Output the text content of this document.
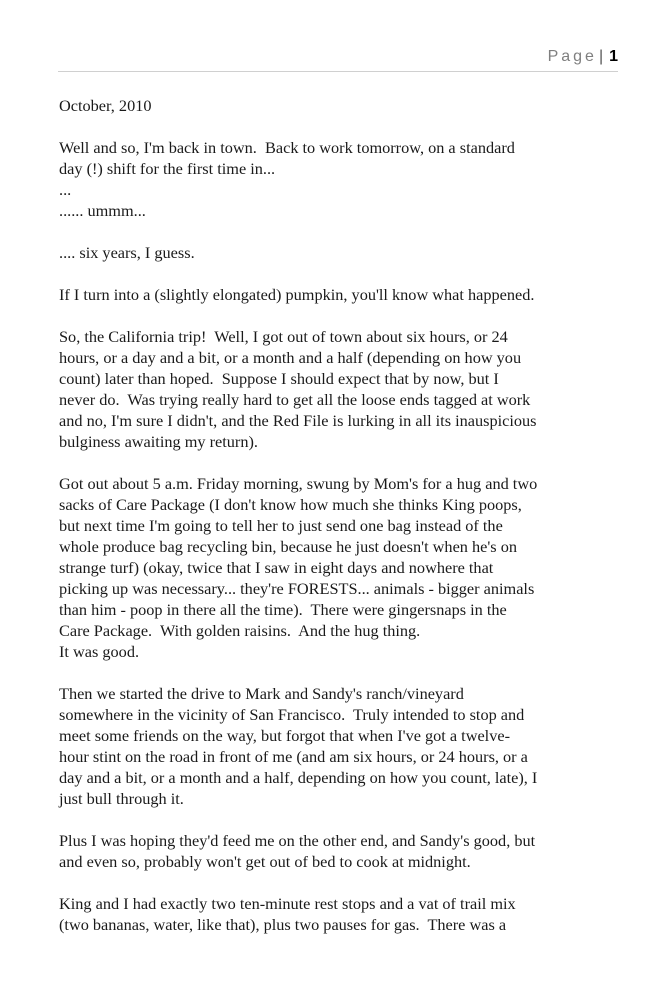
Page | 1
October, 2010
Well and so, I'm back in town.  Back to work tomorrow, on a standard
day (!) shift for the first time in...
...
...... ummm...
.... six years, I guess.
If I turn into a (slightly elongated) pumpkin, you'll know what happened.
So, the California trip!  Well, I got out of town about six hours, or 24
hours, or a day and a bit, or a month and a half (depending on how you
count) later than hoped.  Suppose I should expect that by now, but I
never do.  Was trying really hard to get all the loose ends tagged at work
and no, I'm sure I didn't, and the Red File is lurking in all its inauspicious
bulginess awaiting my return).
Got out about 5 a.m. Friday morning, swung by Mom's for a hug and two
sacks of Care Package (I don't know how much she thinks King poops,
but next time I'm going to tell her to just send one bag instead of the
whole produce bag recycling bin, because he just doesn't when he's on
strange turf) (okay, twice that I saw in eight days and nowhere that
picking up was necessary... they're FORESTS... animals - bigger animals
than him - poop in there all the time).  There were gingersnaps in the
Care Package.  With golden raisins.  And the hug thing.
It was good.
Then we started the drive to Mark and Sandy's ranch/vineyard
somewhere in the vicinity of San Francisco.  Truly intended to stop and
meet some friends on the way, but forgot that when I've got a twelve-
hour stint on the road in front of me (and am six hours, or 24 hours, or a
day and a bit, or a month and a half, depending on how you count, late), I
just bull through it.
Plus I was hoping they'd feed me on the other end, and Sandy's good, but
and even so, probably won't get out of bed to cook at midnight.
King and I had exactly two ten-minute rest stops and a vat of trail mix
(two bananas, water, like that), plus two pauses for gas.  There was a
